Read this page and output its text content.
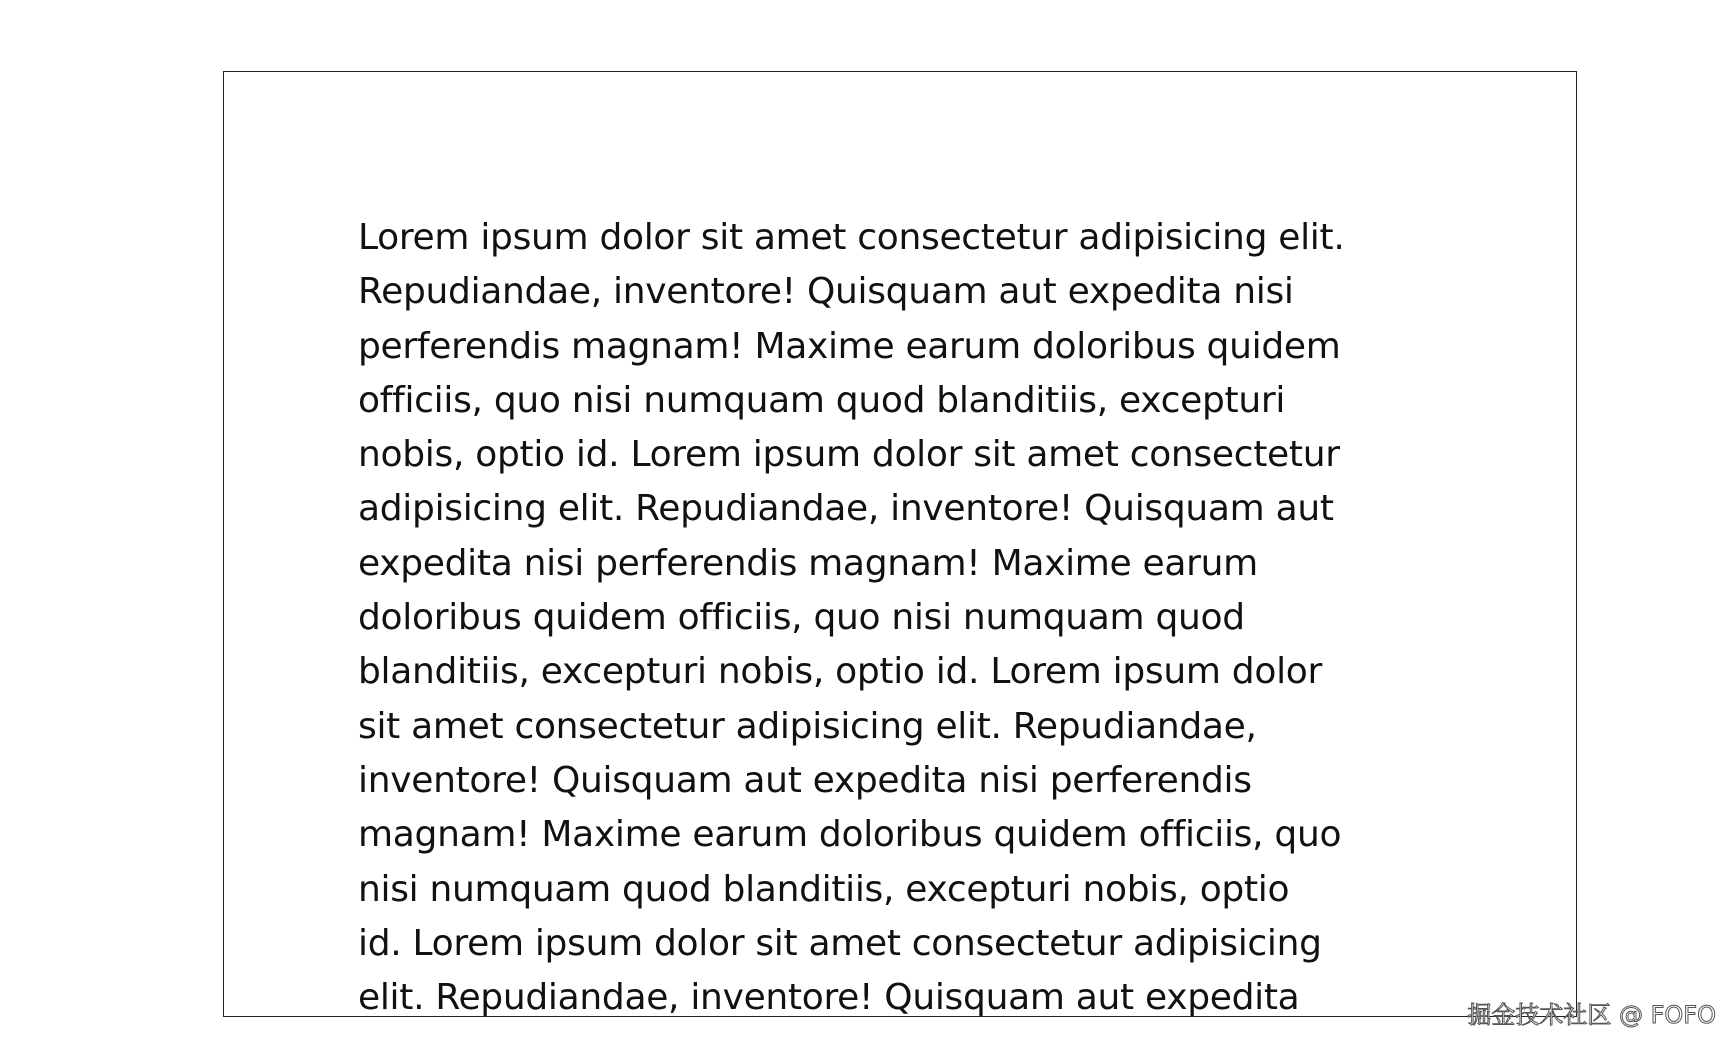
Lorem ipsum dolor sit amet consectetur adipisicing elit.
Repudiandae, inventore! Quisquam aut expedita nisi
perferendis magnam! Maxime earum doloribus quidem
officiis, quo nisi numquam quod blanditiis, excepturi
nobis, optio id. Lorem ipsum dolor sit amet consectetur
adipisicing elit. Repudiandae, inventore! Quisquam aut
expedita nisi perferendis magnam! Maxime earum
doloribus quidem officiis, quo nisi numquam quod
blanditiis, excepturi nobis, optio id. Lorem ipsum dolor
sit amet consectetur adipisicing elit. Repudiandae,
inventore! Quisquam aut expedita nisi perferendis
magnam! Maxime earum doloribus quidem officiis, quo
nisi numquam quod blanditiis, excepturi nobis, optio
id. Lorem ipsum dolor sit amet consectetur adipisicing
elit. Repudiandae, inventore! Quisquam aut expedita	掘金技术社区 @ FOFO
